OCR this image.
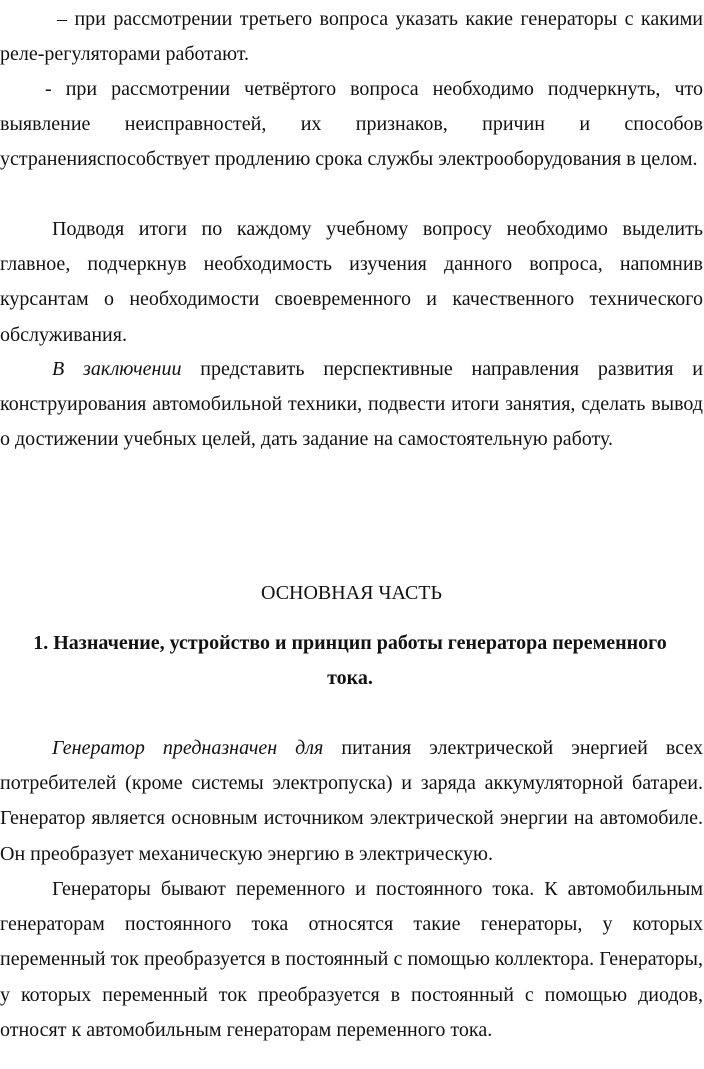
– при рассмотрении третьего вопроса указать какие генераторы с какими реле-регуляторами работают.

- при рассмотрении четвёртого вопроса необходимо подчеркнуть, что выявление неисправностей, их признаков, причин и способов устраненияспособствует продлению срока службы электрооборудования в целом.

Подводя итоги по каждому учебному вопросу необходимо выделить главное, подчеркнув необходимость изучения данного вопроса, напомнив курсантам о необходимости своевременного и качественного технического обслуживания.

В заключении представить перспективные направления развития и конструирования автомобильной техники, подвести итоги занятия, сделать вывод о достижении учебных целей, дать задание на самостоятельную работу.

ОСНОВНАЯ ЧАСТЬ

1. Назначение, устройство и принцип работы генератора переменного тока.

Генератор предназначен для питания электрической энергией всех потребителей (кроме системы электропуска) и заряда аккумуляторной батареи. Генератор является основным источником электрической энергии на автомобиле. Он преобразует механическую энергию в электрическую.

Генераторы бывают переменного и постоянного тока. К автомобильным генераторам постоянного тока относятся такие генераторы, у которых переменный ток преобразуется в постоянный с помощью коллектора. Генераторы, у которых переменный ток преобразуется в постоянный с помощью диодов, относят к автомобильным генераторам переменного тока.
